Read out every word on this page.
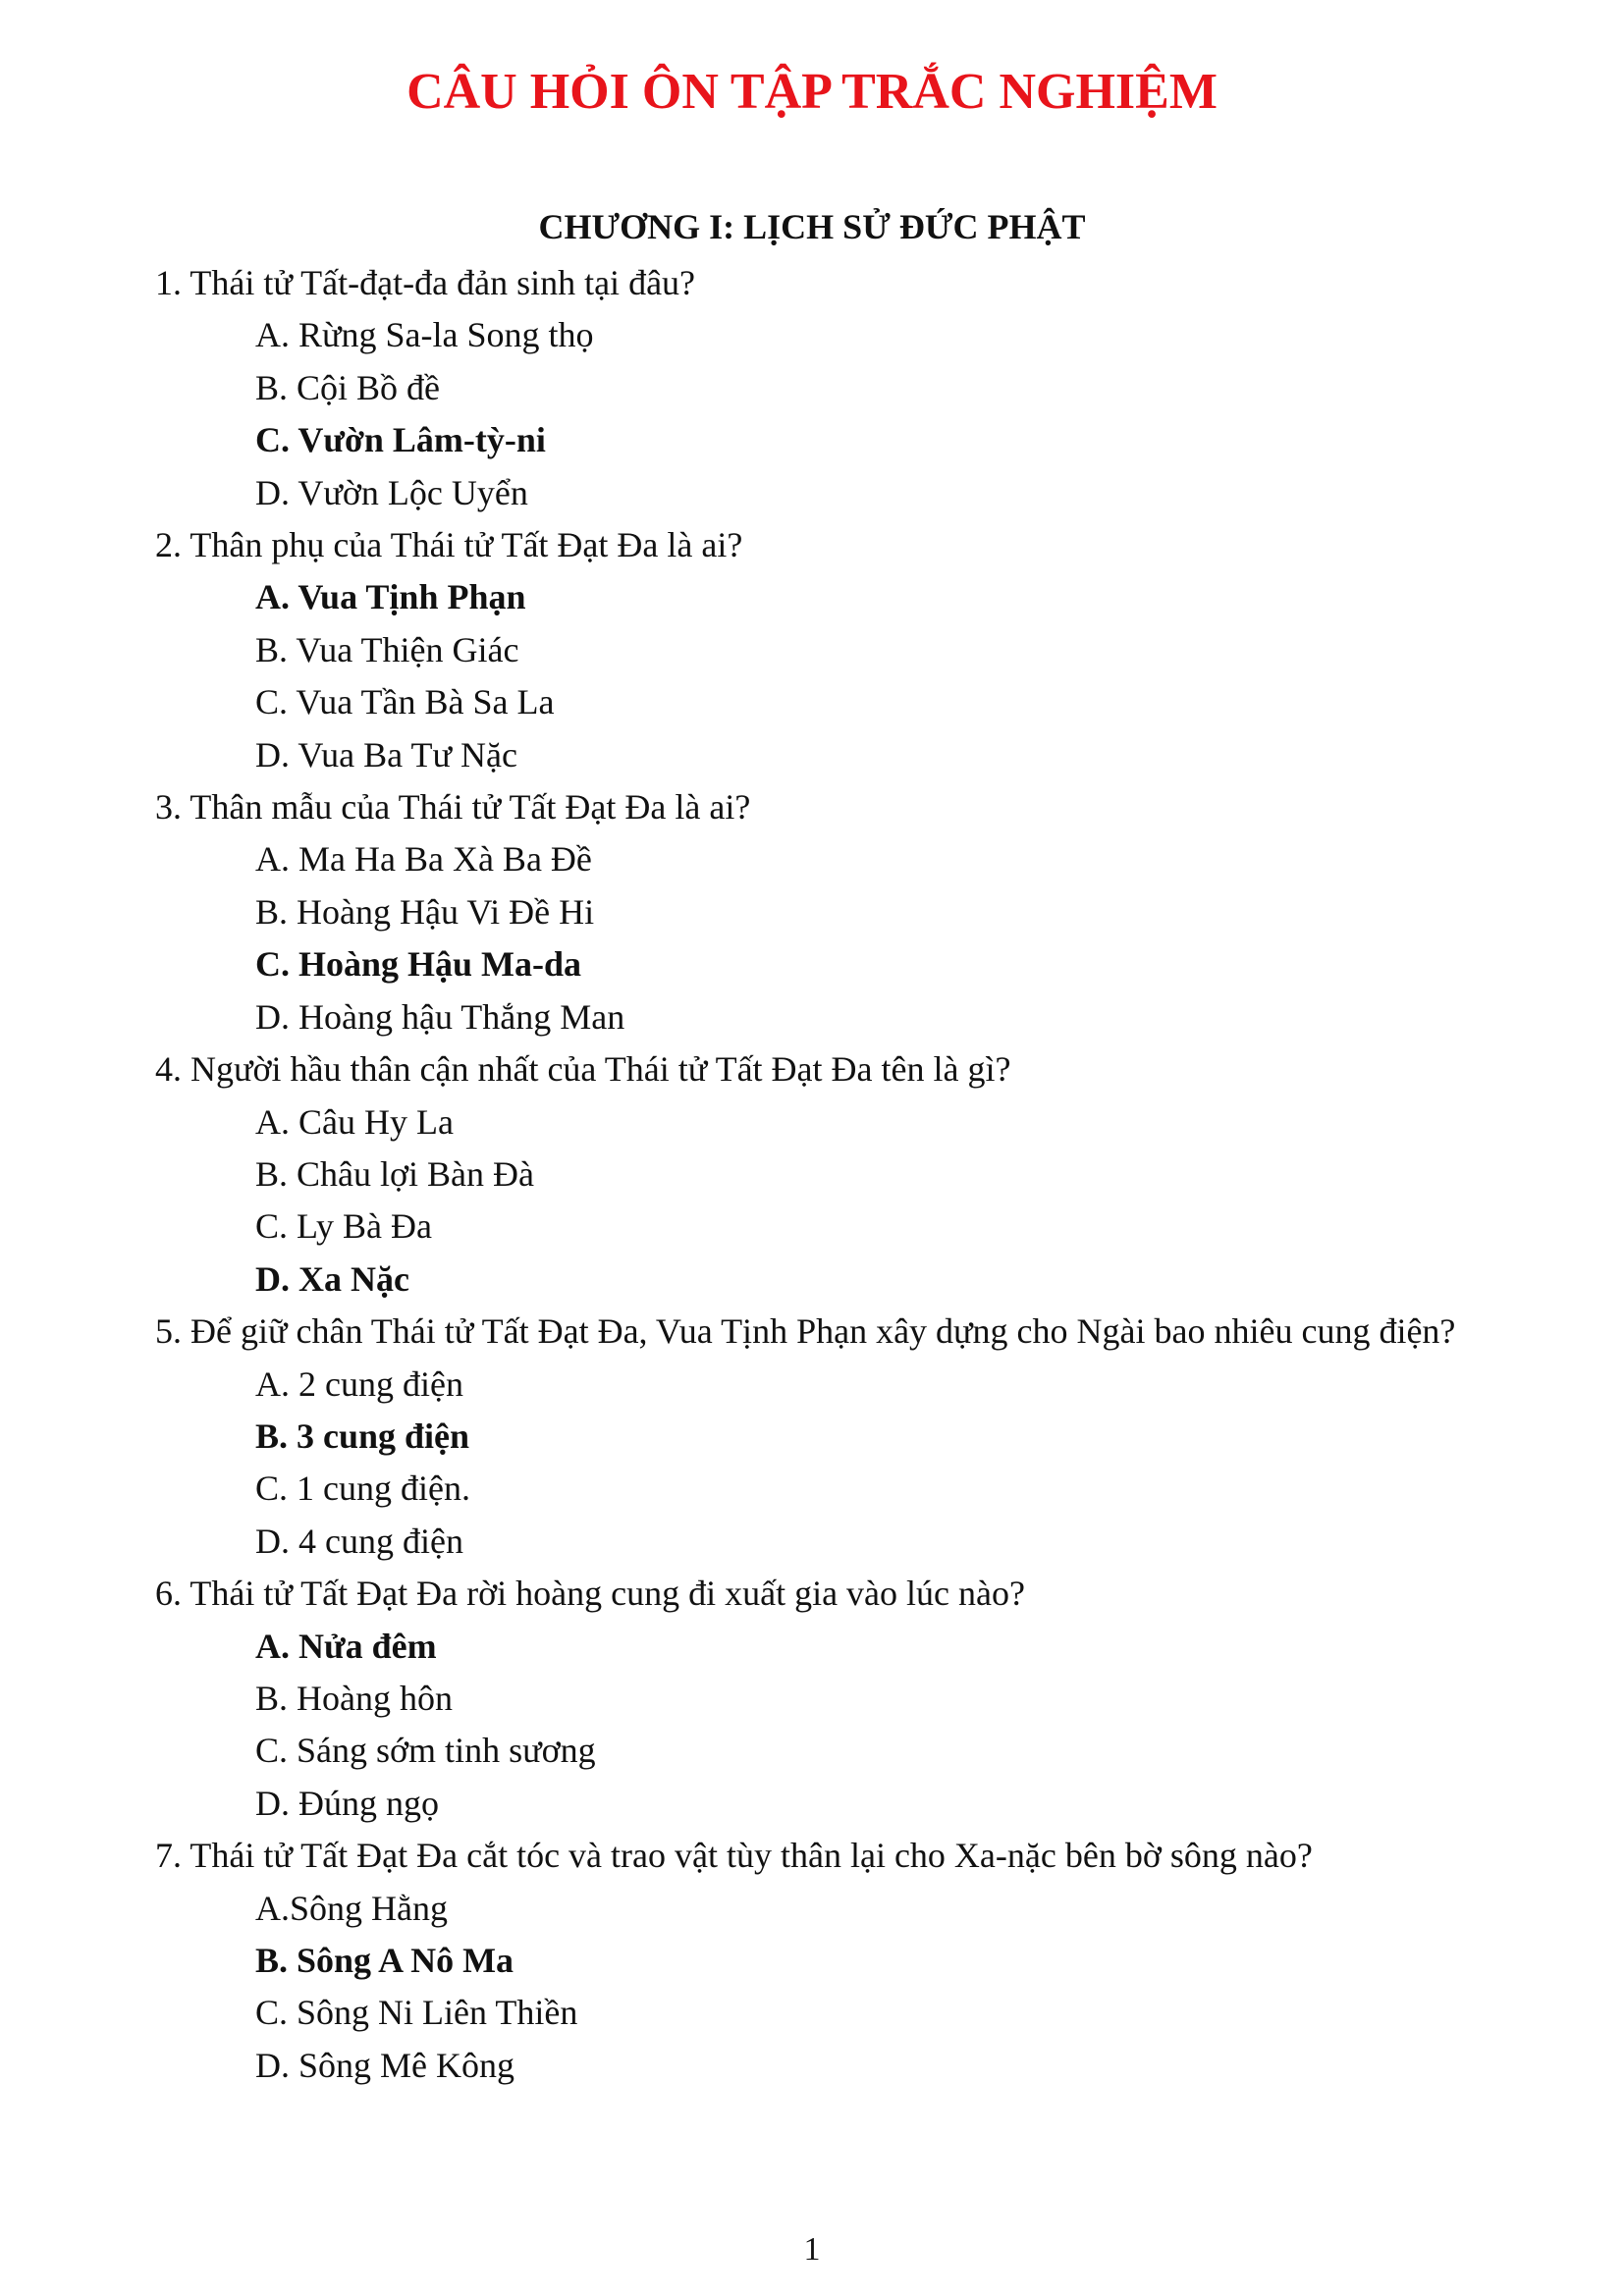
CÂU HỎI ÔN TẬP TRẮC NGHIỆM
CHƯƠNG I: LỊCH SỬ ĐỨC PHẬT
1. Thái tử Tất-đạt-đa đản sinh tại đâu?
A. Rừng Sa-la Song thọ
B. Cội Bồ đề
C. Vườn Lâm-tỳ-ni
D. Vườn Lộc Uyển
2. Thân phụ của Thái tử Tất Đạt Đa là ai?
A. Vua Tịnh Phạn
B. Vua Thiện Giác
C. Vua Tần Bà Sa La
D. Vua Ba Tư Nặc
3. Thân mẫu của Thái tử Tất Đạt Đa là ai?
A. Ma Ha Ba Xà Ba Đề
B. Hoàng Hậu Vi Đề Hi
C. Hoàng Hậu Ma-da
D. Hoàng hậu Thắng Man
4. Người hầu thân cận nhất của Thái tử Tất Đạt Đa tên là gì?
A. Câu Hy La
B. Châu lợi Bàn Đà
C. Ly Bà Đa
D. Xa Nặc
5. Để giữ chân Thái tử Tất Đạt Đa, Vua Tịnh Phạn xây dựng cho Ngài bao nhiêu cung điện?
A. 2 cung điện
B. 3 cung điện
C. 1 cung điện.
D. 4 cung điện
6. Thái tử Tất Đạt Đa rời hoàng cung đi xuất gia vào lúc nào?
A. Nửa đêm
B. Hoàng hôn
C. Sáng sớm tinh sương
D. Đúng ngọ
7. Thái tử Tất Đạt Đa cắt tóc và trao vật tùy thân lại cho Xa-nặc bên bờ sông nào?
A.Sông Hằng
B. Sông A Nô Ma
C. Sông Ni Liên Thiền
D. Sông Mê Kông
1
